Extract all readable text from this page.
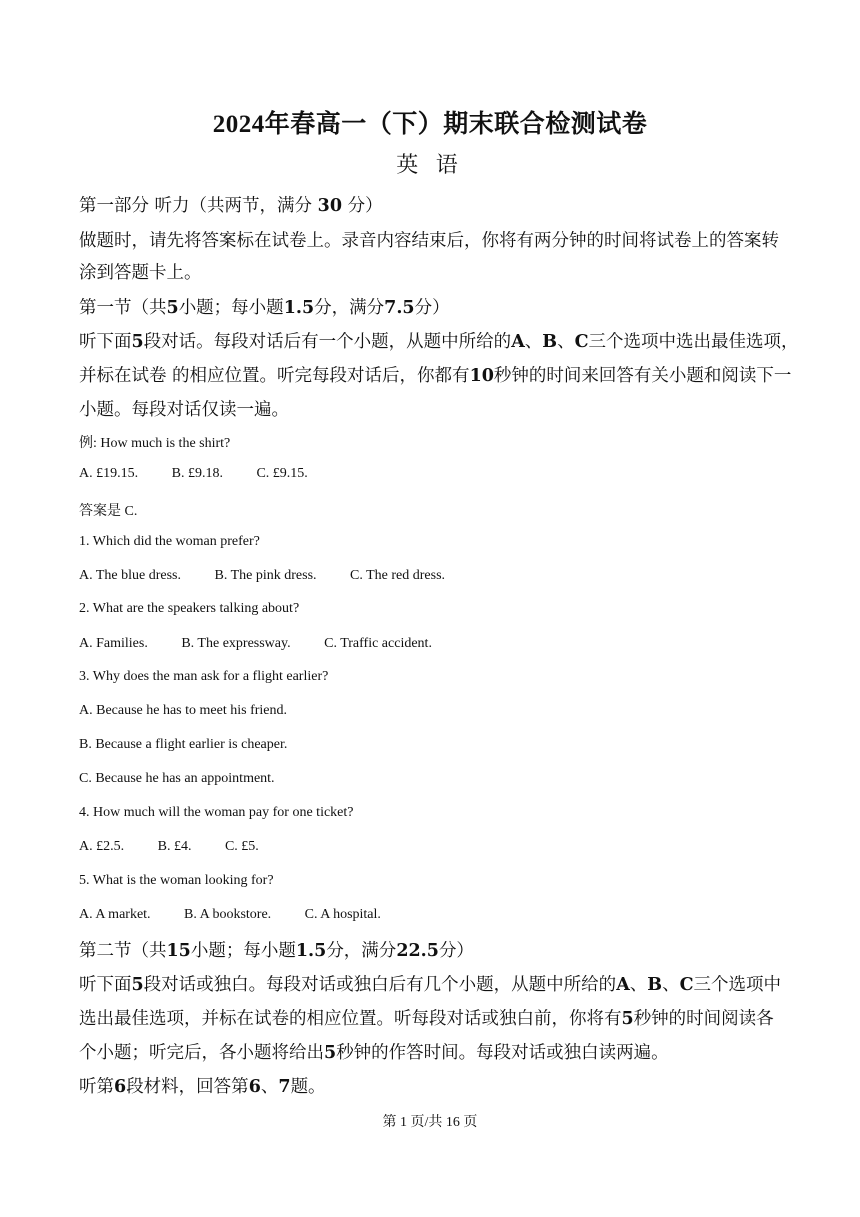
2024年春高一（下）期末联合检测试卷
英 语
第一部分 听力（共两节，满分 30 分）
做题时，请先将答案标在试卷上。录音内容结束后，你将有两分钟的时间将试卷上的答案转
涂到答题卡上。
第一节（共5小题；每小题1.5分，满分7.5分）
听下面5段对话。每段对话后有一个小题，从题中所给的A、B、C三个选项中选出最佳选项，
并标在试卷 的相应位置。听完每段对话后，你都有10秒钟的时间来回答有关小题和阅读下一
小题。每段对话仅读一遍。
例: How much is the shirt?
A. £19.15. B. £9.18. C. £9.15.
答案是 C.
1. Which did the woman prefer?
A. The blue dress. B. The pink dress. C. The red dress.
2. What are the speakers talking about?
A. Families. B. The expressway. C. Traffic accident.
3. Why does the man ask for a flight earlier?
A. Because he has to meet his friend.
B. Because a flight earlier is cheaper.
C. Because he has an appointment.
4. How much will the woman pay for one ticket?
A. £2.5. B. £4. C. £5.
5. What is the woman looking for?
A. A market. B. A bookstore. C. A hospital.
第二节（共15小题；每小题1.5分，满分22.5分）
听下面5段对话或独白。每段对话或独白后有几个小题，从题中所给的A、B、C三个选项中
选出最佳选项，并标在试卷的相应位置。听每段对话或独白前，你将有5秒钟的时间阅读各
个小题；听完后，各小题将给出5秒钟的作答时间。每段对话或独白读两遍。
听第6段材料，回答第6、7题。
第 1 页/共 16 页
